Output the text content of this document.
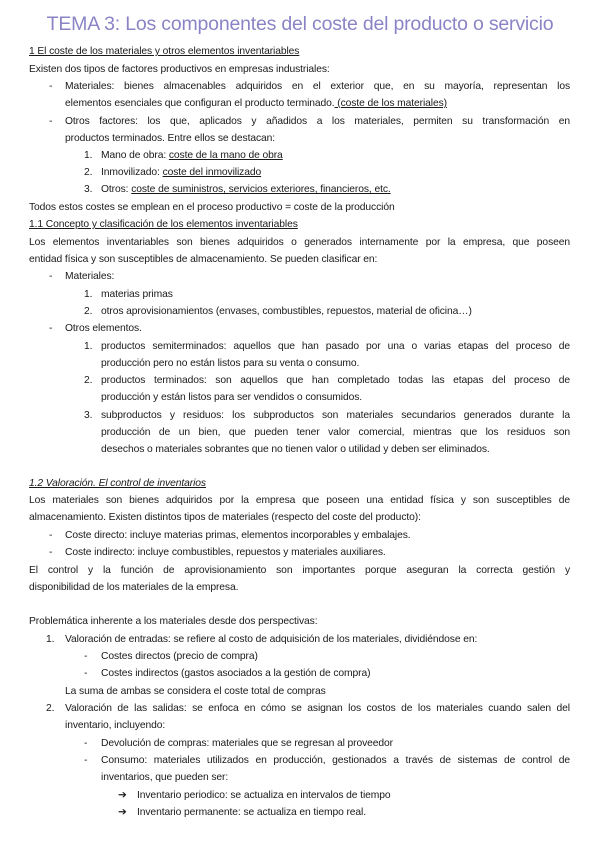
TEMA 3: Los componentes del coste del producto o servicio
1 El coste de los materiales y otros elementos inventariables
Existen dos tipos de factores productivos en empresas industriales:
- Materiales: bienes almacenables adquiridos en el exterior que, en su mayoría, representan los
elementos esenciales que configuran el producto terminado. (coste de los materiales)
- Otros factores: los que, aplicados y añadidos a los materiales, permiten su transformación en
productos terminados. Entre ellos se destacan:
1. Mano de obra: coste de la mano de obra
2. Inmovilizado: coste del inmovilizado
3. Otros: coste de suministros, servicios exteriores, financieros, etc.
Todos estos costes se emplean en el proceso productivo = coste de la producción
1.1 Concepto y clasificación de los elementos inventariables
Los elementos inventariables son bienes adquiridos o generados internamente por la empresa, que poseen
entidad física y son susceptibles de almacenamiento. Se pueden clasificar en:
- Materiales:
1. materias primas
2. otros aprovisionamientos (envases, combustibles, repuestos, material de oficina…)
- Otros elementos.
1. productos semiterminados: aquellos que han pasado por una o varias etapas del proceso de
producción pero no están listos para su venta o consumo.
2. productos terminados: son aquellos que han completado todas las etapas del proceso de
producción y están listos para ser vendidos o consumidos.
3. subproductos y residuos: los subproductos son materiales secundarios generados durante la
producción de un bien, que pueden tener valor comercial, mientras que los residuos son
desechos o materiales sobrantes que no tienen valor o utilidad y deben ser eliminados.
1.2 Valoración. El control de inventarios
Los materiales son bienes adquiridos por la empresa que poseen una entidad física y son susceptibles de
almacenamiento. Existen distintos tipos de materiales (respecto del coste del producto):
- Coste directo: incluye materias primas, elementos incorporables y embalajes.
- Coste indirecto: incluye combustibles, repuestos y materiales auxiliares.
El control y la función de aprovisionamiento son importantes porque aseguran la correcta gestión y
disponibilidad de los materiales de la empresa.
Problemática inherente a los materiales desde dos perspectivas:
1. Valoración de entradas: se refiere al costo de adquisición de los materiales, dividiéndose en:
- Costes directos (precio de compra)
- Costes indirectos (gastos asociados a la gestión de compra)
La suma de ambas se considera el coste total de compras
2. Valoración de las salidas: se enfoca en cómo se asignan los costos de los materiales cuando salen del
inventario, incluyendo:
- Devolución de compras: materiales que se regresan al proveedor
- Consumo: materiales utilizados en producción, gestionados a través de sistemas de control de
inventarios, que pueden ser:
➔ Inventario periodico: se actualiza en intervalos de tiempo
➔ Inventario permanente: se actualiza en tiempo real.
